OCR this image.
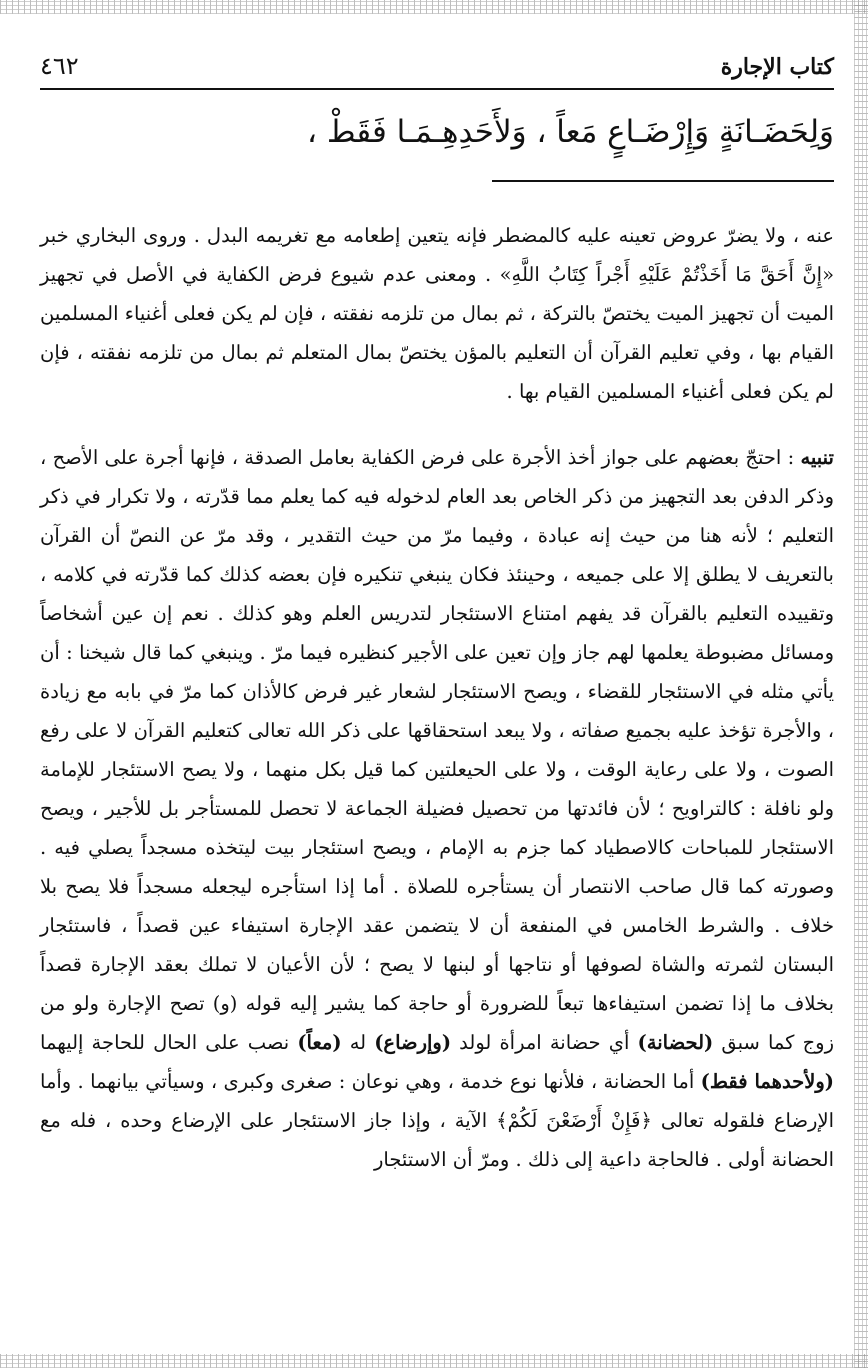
٤٦٢	كتاب الإجارة
وَلِحَضَـانَةٍ وَإِرْضَـاعٍ مَعاً ، وَلأَحَدِهِـمَـا فَقَطْ ،

عنه ، ولا يضرّ عروض تعينه عليه كالمضطر فإنه يتعين إطعامه مع تغريمه البدل . وروى البخاري خبر «إِنَّ أَحَقَّ مَا أَخَذْتُمْ عَلَيْهِ أَجْراً كِتَابُ اللَّهِ» . ومعنى عدم شيوع فرض الكفاية في الأصل في تجهيز الميت أن تجهيز الميت يختصّ بالتركة ، ثم بمال من تلزمه نفقته ، فإن لم يكن فعلى أغنياء المسلمين القيام بها ، وفي تعليم القرآن أن التعليم بالمؤن يختصّ بمال المتعلم ثم بمال من تلزمه نفقته ، فإن لم يكن فعلى أغنياء المسلمين القيام بها .

تنبيه : احتجّ بعضهم على جواز أخذ الأجرة على فرض الكفاية بعامل الصدقة ، فإنها أجرة على الأصح ، وذكر الدفن بعد التجهيز من ذكر الخاص بعد العام لدخوله فيه كما يعلم مما قدّرته ، ولا تكرار في ذكر التعليم ؛ لأنه هنا من حيث إنه عبادة ، وفيما مرّ من حيث التقدير ، وقد مرّ عن النصّ أن القرآن بالتعريف لا يطلق إلا على جميعه ، وحينئذ فكان ينبغي تنكيره فإن بعضه كذلك كما قدّرته في كلامه ، وتقييده التعليم بالقرآن قد يفهم امتناع الاستئجار لتدريس العلم وهو كذلك . نعم إن عين أشخاصاً ومسائل مضبوطة يعلمها لهم جاز وإن تعين على الأجير كنظيره فيما مرّ . وينبغي كما قال شيخنا : أن يأتي مثله في الاستئجار للقضاء ، ويصح الاستئجار لشعار غير فرض كالأذان كما مرّ في بابه مع زيادة ، والأجرة تؤخذ عليه بجميع صفاته ، ولا يبعد استحقاقها على ذكر الله تعالى كتعليم القرآن لا على رفع الصوت ، ولا على رعاية الوقت ، ولا على الحيعلتين كما قيل بكل منهما ، ولا يصح الاستئجار للإمامة ولو نافلة : كالتراويح ؛ لأن فائدتها من تحصيل فضيلة الجماعة لا تحصل للمستأجر بل للأجير ، ويصح الاستئجار للمباحات كالاصطياد كما جزم به الإمام ، ويصح استئجار بيت ليتخذه مسجداً يصلي فيه . وصورته كما قال صاحب الانتصار أن يستأجره للصلاة . أما إذا استأجره ليجعله مسجداً فلا يصح بلا خلاف . والشرط الخامس في المنفعة أن لا يتضمن عقد الإجارة استيفاء عين قصداً ، فاستئجار البستان لثمرته والشاة لصوفها أو نتاجها أو لبنها لا يصح ؛ لأن الأعيان لا تملك بعقد الإجارة قصداً بخلاف ما إذا تضمن استيفاءها تبعاً للضرورة أو حاجة كما يشير إليه قوله (و) تصح الإجارة ولو من زوج كما سبق (لحضانة) أي حضانة امرأة لولد (وإرضاع) له (معاً) نصب على الحال للحاجة إليهما (ولأحدهما فقط) أما الحضانة ، فلأنها نوع خدمة ، وهي نوعان : صغرى وكبرى ، وسيأتي بيانهما . وأما الإرضاع فلقوله تعالى ﴿فَإِنْ أَرْضَعْنَ لَكُمْ﴾ الآية ، وإذا جاز الاستئجار على الإرضاع وحده ، فله مع الحضانة أولى . فالحاجة داعية إلى ذلك . ومرّ أن الاستئجار
